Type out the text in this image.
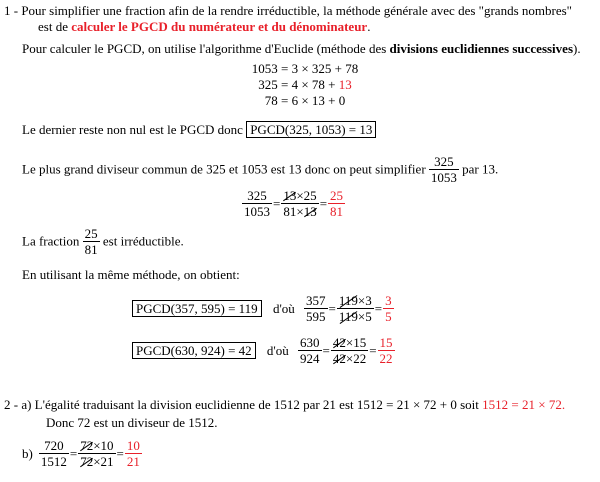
1 - Pour simplifier une fraction afin de la rendre irréductible, la méthode générale avec des "grands nombres"
est de calculer le PGCD du numérateur et du dénominateur.
Pour calculer le PGCD, on utilise l'algorithme d'Euclide (méthode des divisions euclidiennes successives).
1053 = 3 × 325 + 78
325 = 4 × 78 + 13
78 = 6 × 13 + 0
Le dernier reste non nul est le PGCD donc PGCD(325, 1053) = 13
Le plus grand diviseur commun de 325 et 1053 est 13 donc on peut simplifier $\frac{325}{1053}$ par 13.
$\frac{325}{1053} = \frac{13\times 25}{81\times 13} = \frac{25}{81}$
La fraction $\frac{25}{81}$ est irréductible.
En utilisant la même méthode, on obtient:
PGCD(357, 595) = 119 d'où $\frac{357}{595} = \frac{119\times 3}{119\times 5} = \frac{3}{5}$
PGCD(630, 924) = 42 d'où $\frac{630}{924} = \frac{42\times 15}{42\times 22} = \frac{15}{22}$
2 - a) L'égalité traduisant la division euclidienne de 1512 par 21 est 1512 = 21 × 72 + 0 soit 1512 = 21 × 72.
Donc 72 est un diviseur de 1512.
$b) \frac{720}{1512} = \frac{72\times 10}{72\times 21} = \frac{10}{21}$
